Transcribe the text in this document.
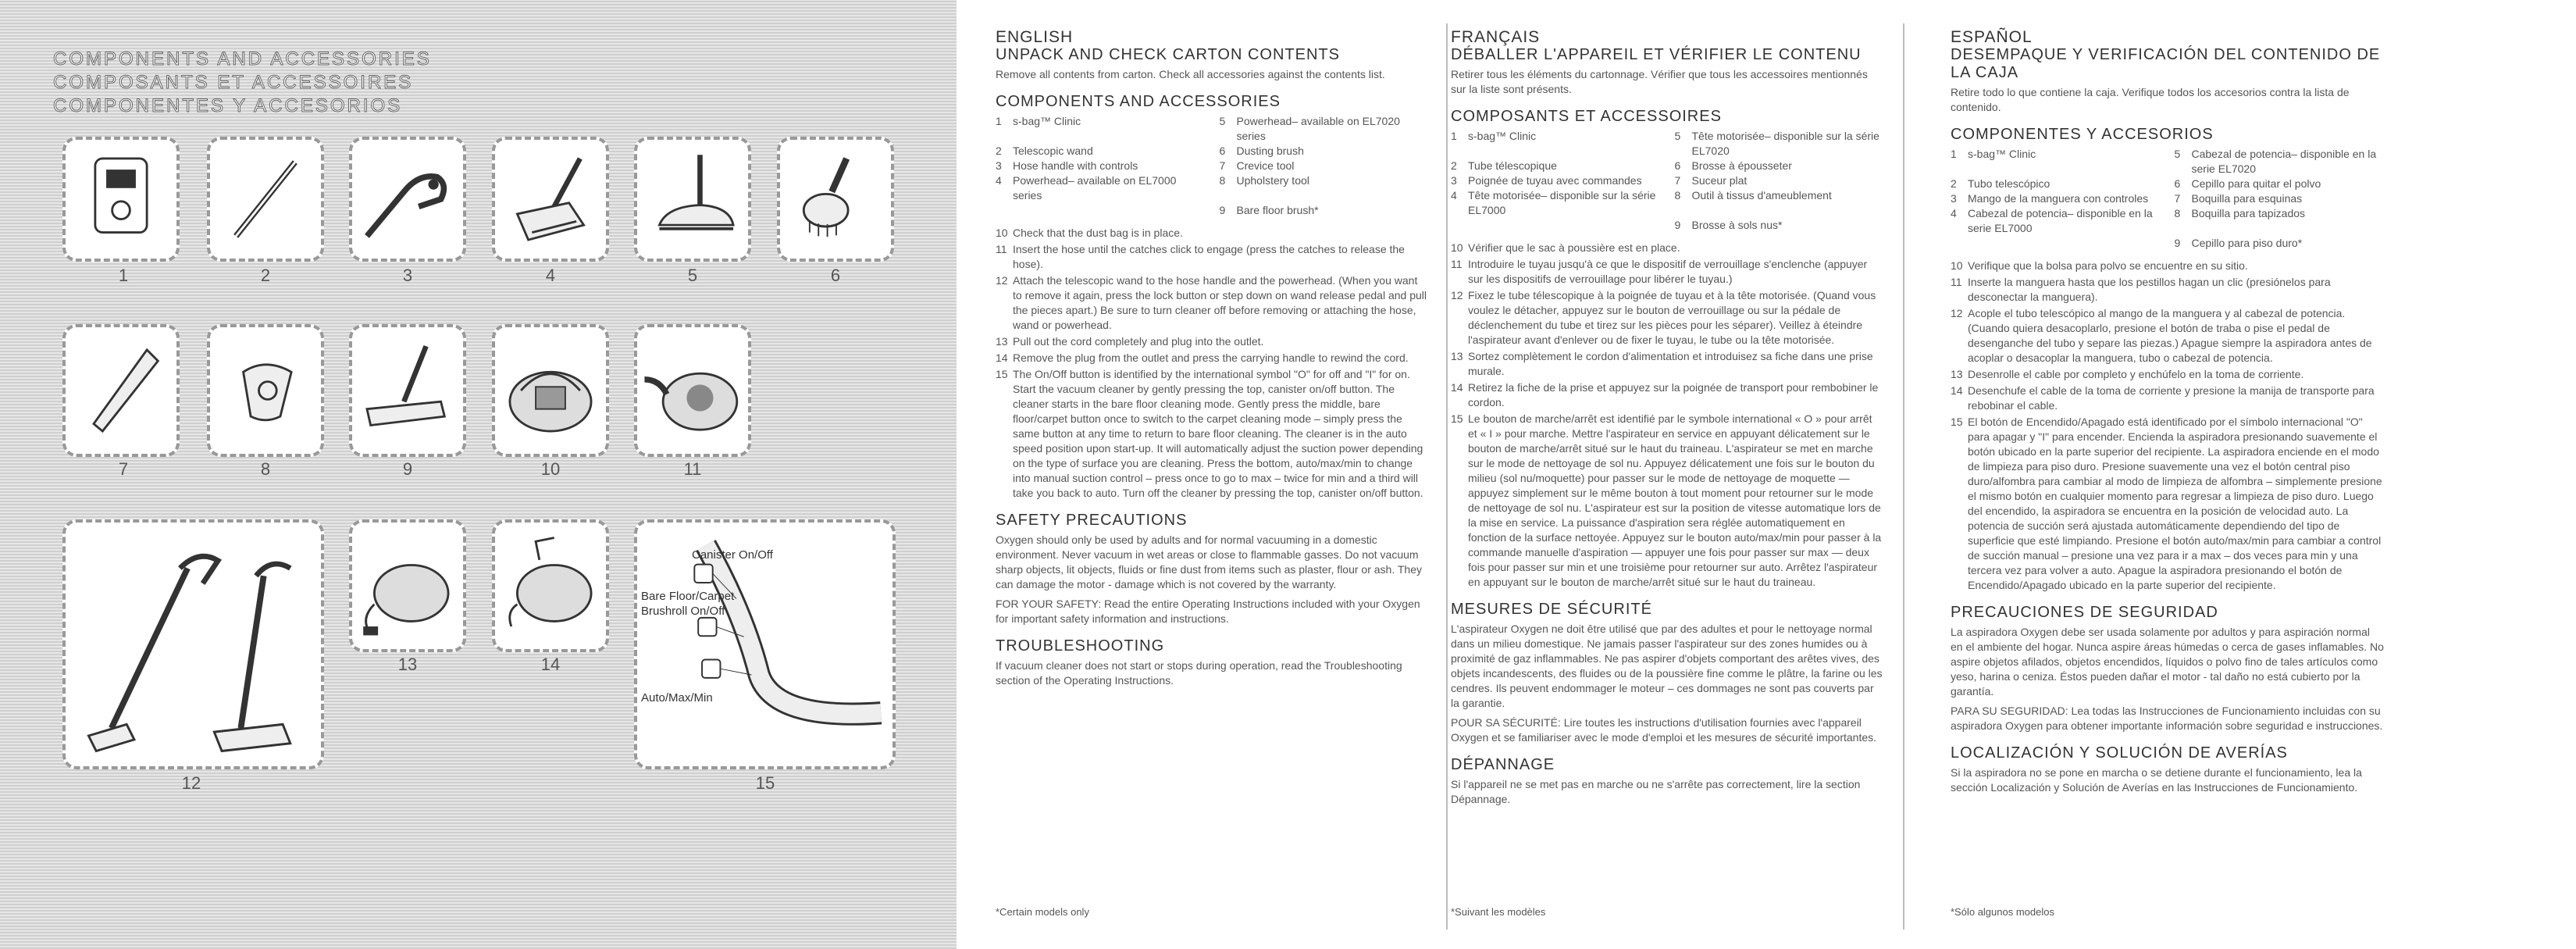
COMPONENTS AND ACCESSORIES
COMPOSANTS ET ACCESSOIRES
COMPONENTES Y ACCESORIOS
1	2	3	4	5	6
7	8	9	10	11
Canister On/Off
Bare Floor/Carpet
Brushroll On/Off
Auto/Max/Min
12
13	14
15
ENGLISH
UNPACK AND CHECK CARTON CONTENTS

Remove all contents from carton. Check all accessories against the contents list.

COMPONENTS AND ACCESSORIES
1	s-bag™ Clinic	5	Powerhead– available on EL7020 series
2	Telescopic wand	6	Dusting brush
3	Hose handle with controls	7	Crevice tool
4	Powerhead– available on EL7000 series
8	Upholstery tool
9	Bare floor brush*
10 Check that the dust bag is in place.
11 Insert the hose until the catches click to engage (press the catches to release the hose).
12 Attach the telescopic wand to the hose handle and the powerhead. (When you want to remove it again, press the lock button or step down on wand release pedal and pull the pieces apart.) Be sure to turn cleaner off before removing or attaching the hose, wand or powerhead.
13 Pull out the cord completely and plug into the outlet.
14 Remove the plug from the outlet and press the carrying handle to rewind the cord.
15 The On/Off button is identified by the international symbol "O" for off and "I" for on. Start the vacuum cleaner by gently pressing the top, canister on/off button. The cleaner starts in the bare floor cleaning mode. Gently press the middle, bare floor/carpet button once to switch to the carpet cleaning mode – simply press the same button at any time to return to bare floor cleaning. The cleaner is in the auto speed position upon start-up. It will automatically adjust the suction power depending on the type of surface you are cleaning. Press the bottom, auto/max/min to change into manual suction control – press once to go to max – twice for min and a third will take you back to auto. Turn off the cleaner by pressing the top, canister on/off button.
SAFETY PRECAUTIONS

Oxygen should only be used by adults and for normal vacuuming in a domestic environment. Never vacuum in wet areas or close to flammable gasses. Do not vacuum sharp objects, lit objects, fluids or fine dust from items such as plaster, flour or ash. They can damage the motor - damage which is not covered by the warranty.

FOR YOUR SAFETY: Read the entire Operating Instructions included with your Oxygen for important safety information and instructions.

TROUBLESHOOTING

If vacuum cleaner does not start or stops during operation, read the Troubleshooting section of the Operating Instructions.

FRANÇAIS
DÉBALLER L'APPAREIL ET VÉRIFIER LE CONTENU

Retirer tous les éléments du cartonnage. Vérifier que tous les accessoires mentionnés sur la liste sont présents.

COMPOSANTS ET ACCESSOIRES
1	s-bag™ Clinic	5	Tête motorisée– disponible sur la série EL7020
2	Tube télescopique	6	Brosse à épousseter
3	Poignée de tuyau avec commandes	7	Suceur plat
4	Tête motorisée– disponible sur la série EL7000
8	Outil à tissus d'ameublement
9	Brosse à sols nus*
10 Vérifier que le sac à poussière est en place.
11 Introduire le tuyau jusqu'à ce que le dispositif de verrouillage s'enclenche (appuyer sur les dispositifs de verrouillage pour libérer le tuyau.)
12 Fixez le tube télescopique à la poignée de tuyau et à la tête motorisée. (Quand vous voulez le détacher, appuyez sur le bouton de verrouillage ou sur la pédale de déclenchement du tube et tirez sur les pièces pour les séparer). Veillez à éteindre l'aspirateur avant d'enlever ou de fixer le tuyau, le tube ou la tête motorisée.
13 Sortez complètement le cordon d'alimentation et introduisez sa fiche dans une prise murale.
14 Retirez la fiche de la prise et appuyez sur la poignée de transport pour rembobiner le cordon.
15 Le bouton de marche/arrêt est identifié par le symbole international « O » pour arrêt et « I » pour marche. Mettre l'aspirateur en service en appuyant délicatement sur le bouton de marche/arrêt situé sur le haut du traineau. L'aspirateur se met en marche sur le mode de nettoyage de sol nu. Appuyez délicatement une fois sur le bouton du milieu (sol nu/moquette) pour passer sur le mode de nettoyage de moquette — appuyez simplement sur le même bouton à tout moment pour retourner sur le mode de nettoyage de sol nu. L'aspirateur est sur la position de vitesse automatique lors de la mise en service. La puissance d'aspiration sera réglée automatiquement en fonction de la surface nettoyée. Appuyez sur le bouton auto/max/min pour passer à la commande manuelle d'aspiration — appuyer une fois pour passer sur max — deux fois pour passer sur min et une troisième pour retourner sur auto. Arrêtez l'aspirateur en appuyant sur le bouton de marche/arrêt situé sur le haut du traineau.
MESURES DE SÉCURITÉ

L'aspirateur Oxygen ne doit être utilisé que par des adultes et pour le nettoyage normal dans un milieu domestique. Ne jamais passer l'aspirateur sur des zones humides ou à proximité de gaz inflammables. Ne pas aspirer d'objets comportant des arêtes vives, des objets incandescents, des fluides ou de la poussière fine comme le plâtre, la farine ou les cendres. Ils peuvent endommager le moteur – ces dommages ne sont pas couverts par la garantie.

POUR SA SÉCURITÉ: Lire toutes les instructions d'utilisation fournies avec l'appareil Oxygen et se familiariser avec le mode d'emploi et les mesures de sécurité importantes.

DÉPANNAGE

Si l'appareil ne se met pas en marche ou ne s'arrête pas correctement, lire la section Dépannage.

ESPAÑOL
DESEMPAQUE Y VERIFICACIÓN DEL CONTENIDO DE LA CAJA

Retire todo lo que contiene la caja. Verifique todos los accesorios contra la lista de contenido.

COMPONENTES Y ACCESORIOS
1	s-bag™ Clinic	5	Cabezal de potencia– disponible en la serie EL7020
2	Tubo telescópico	6	Cepillo para quitar el polvo
3	Mango de la manguera con controles 7	Boquilla para esquinas
4	Cabezal de potencia– disponible en la serie EL7000
8	Boquilla para tapizados
9	Cepillo para piso duro*
10 Verifique que la bolsa para polvo se encuentre en su sitio.
11 Inserte la manguera hasta que los pestillos hagan un clic (presiónelos para desconectar la manguera).
12 Acople el tubo telescópico al mango de la manguera y al cabezal de potencia. (Cuando quiera desacoplarlo, presione el botón de traba o pise el pedal de desenganche del tubo y separe las piezas.) Apague siempre la aspiradora antes de acoplar o desacoplar la manguera, tubo o cabezal de potencia.
13 Desenrolle el cable por completo y enchúfelo en la toma de corriente.
14 Desenchufe el cable de la toma de corriente y presione la manija de transporte para rebobinar el cable.
15 El botón de Encendido/Apagado está identificado por el símbolo internacional "O" para apagar y "I" para encender. Encienda la aspiradora presionando suavemente el botón ubicado en la parte superior del recipiente. La aspiradora enciende en el modo de limpieza para piso duro. Presione suavemente una vez el botón central piso duro/alfombra para cambiar al modo de limpieza de alfombra – simplemente presione el mismo botón en cualquier momento para regresar a limpieza de piso duro. Luego del encendido, la aspiradora se encuentra en la posición de velocidad auto. La potencia de succión será ajustada automáticamente dependiendo del tipo de superficie que esté limpiando. Presione el botón auto/max/min para cambiar a control de succión manual – presione una vez para ir a max – dos veces para min y una tercera vez para volver a auto. Apague la aspiradora presionando el botón de Encendido/Apagado ubicado en la parte superior del recipiente.
PRECAUCIONES DE SEGURIDAD

La aspiradora Oxygen debe ser usada solamente por adultos y para aspiración normal en el ambiente del hogar. Nunca aspire áreas húmedas o cerca de gases inflamables. No aspire objetos afilados, objetos encendidos, líquidos o polvo fino de tales artículos como yeso, harina o ceniza. Éstos pueden dañar el motor - tal daño no está cubierto por la garantía.

PARA SU SEGURIDAD: Lea todas las Instrucciones de Funcionamiento incluidas con su aspiradora Oxygen para obtener importante información sobre seguridad e instrucciones.

LOCALIZACIÓN Y SOLUCIÓN DE AVERÍAS

Si la aspiradora no se pone en marcha o se detiene durante el funcionamiento, lea la sección Localización y Solución de Averías en las Instrucciones de Funcionamiento.

*Certain models only	*Suivant les modèles	*Sólo algunos modelos
